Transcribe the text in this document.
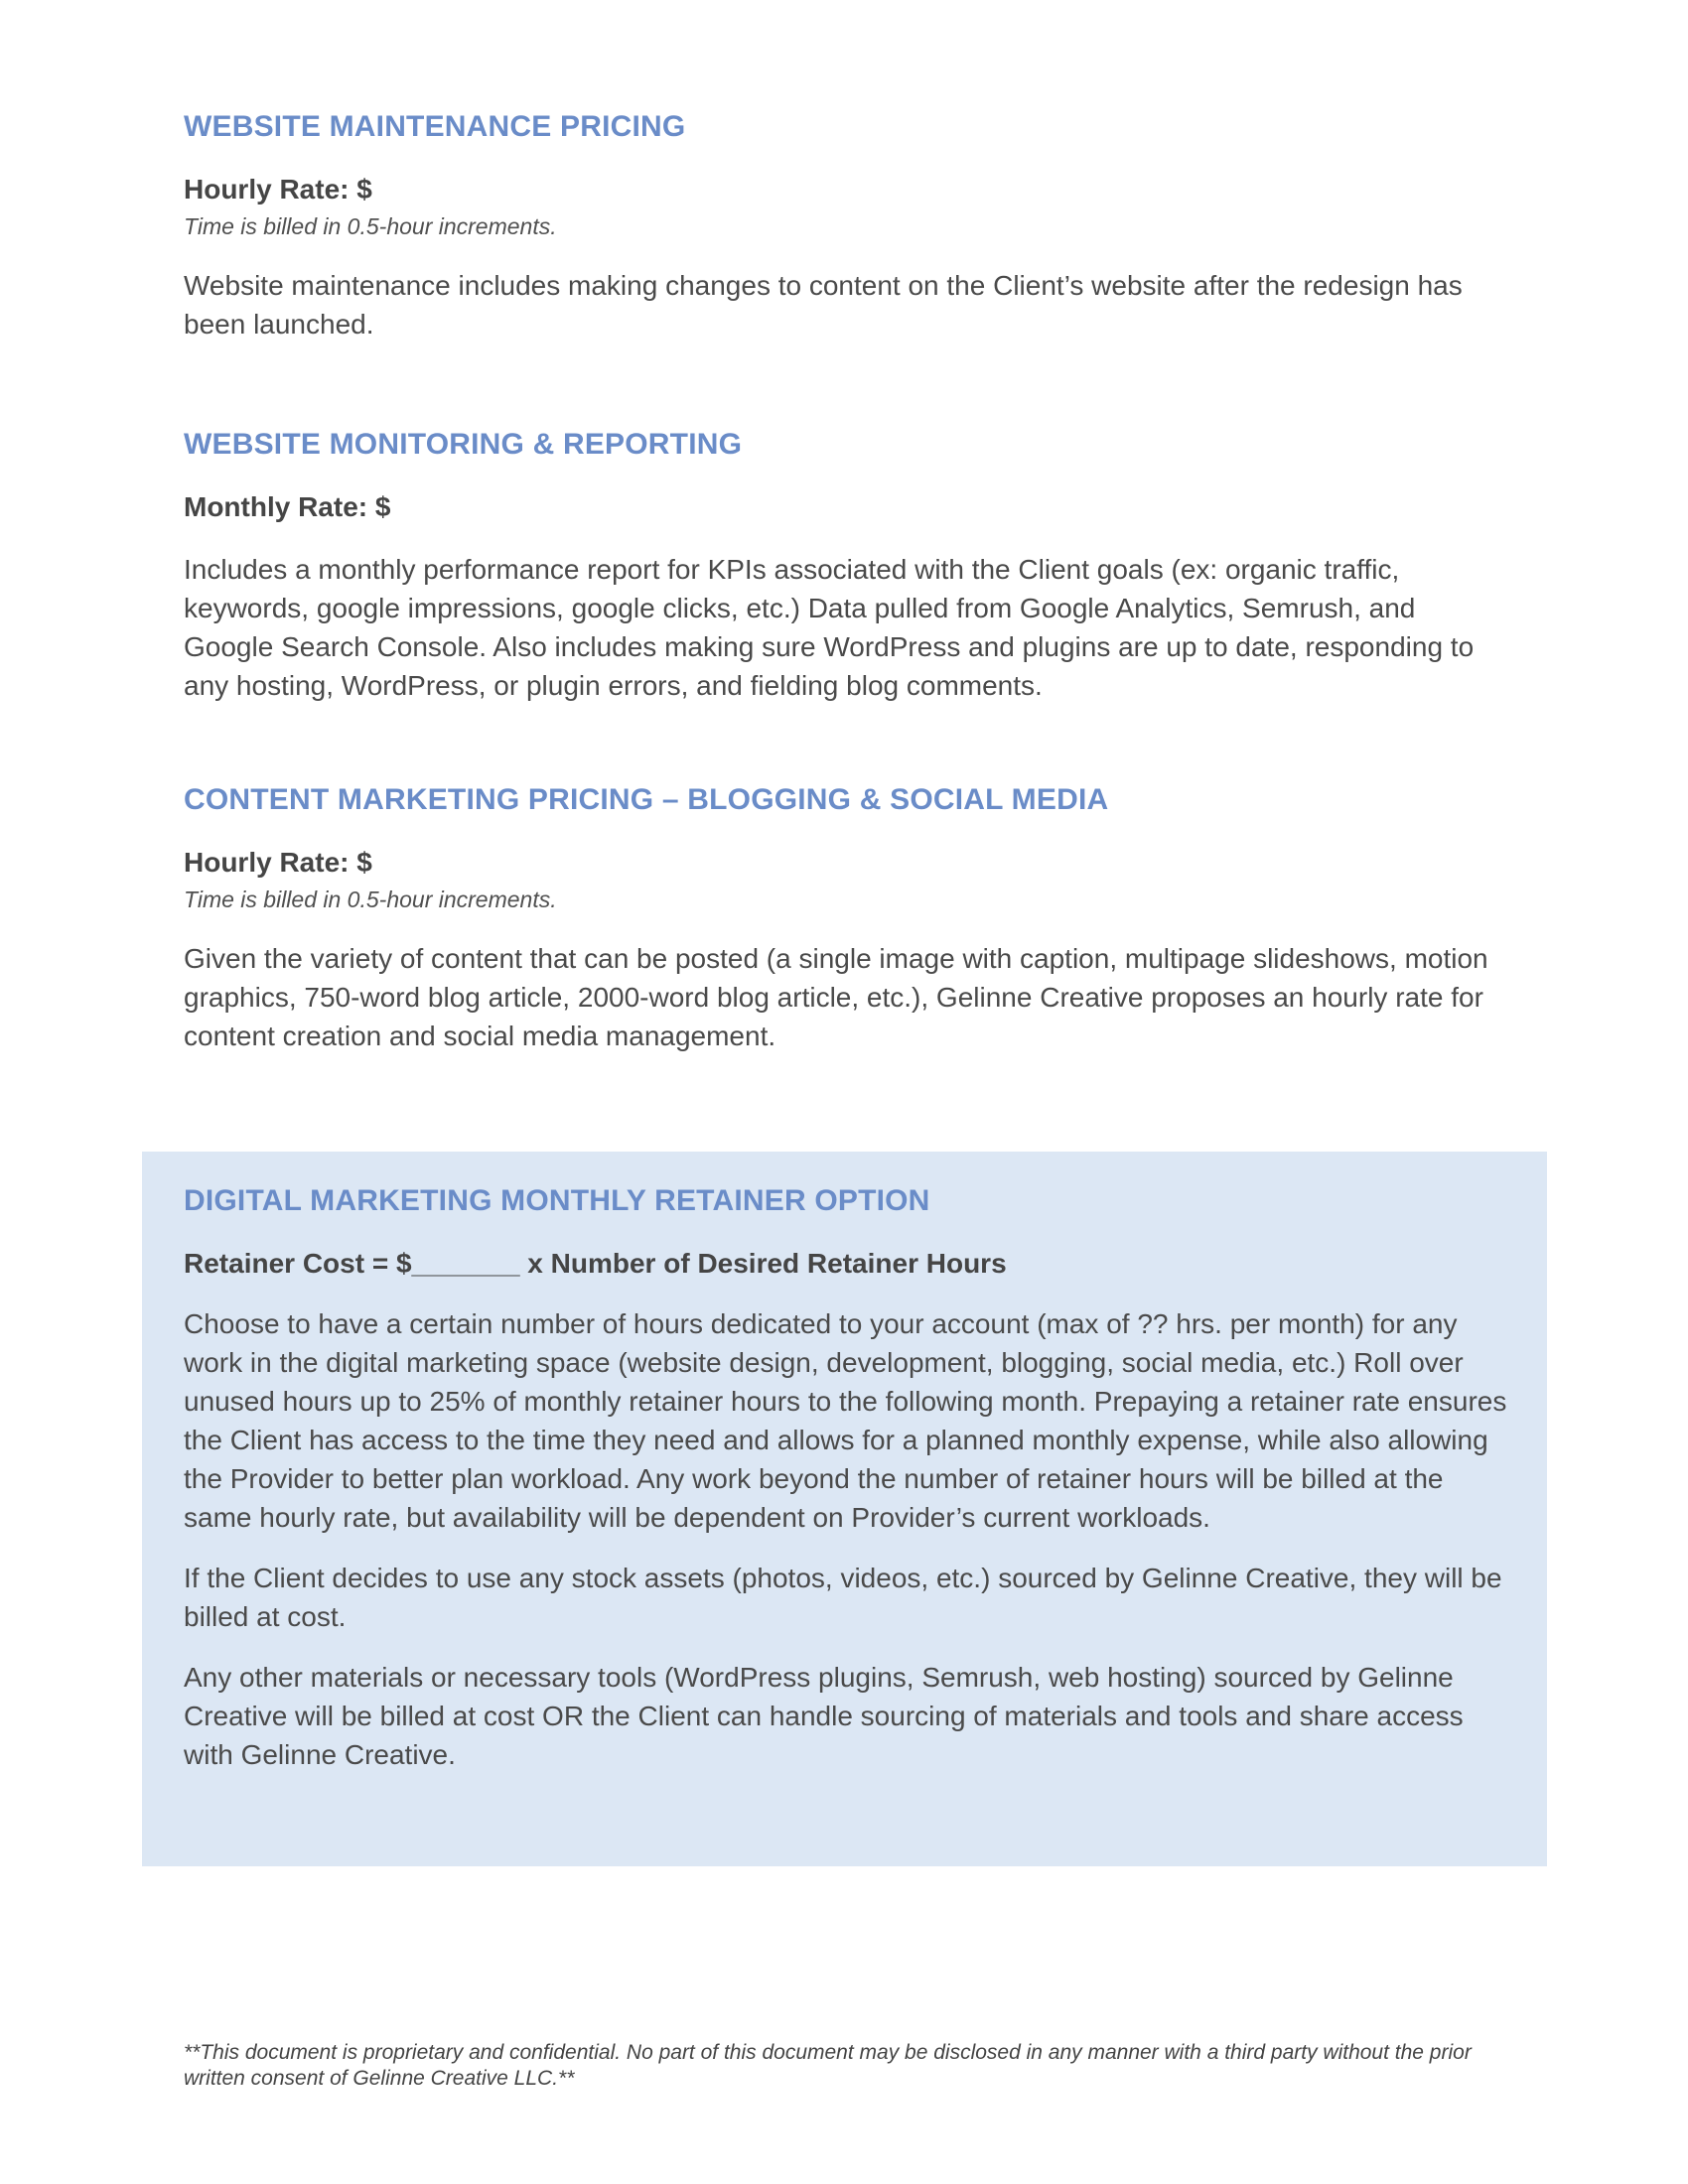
WEBSITE MAINTENANCE PRICING

Hourly Rate: $

Time is billed in 0.5-hour increments.

Website maintenance includes making changes to content on the Client’s website after the redesign has been launched.

WEBSITE MONITORING & REPORTING

Monthly Rate: $

Includes a monthly performance report for KPIs associated with the Client goals (ex: organic traffic, keywords, google impressions, google clicks, etc.) Data pulled from Google Analytics, Semrush, and Google Search Console. Also includes making sure WordPress and plugins are up to date, responding to any hosting, WordPress, or plugin errors, and fielding blog comments.

CONTENT MARKETING PRICING – BLOGGING & SOCIAL MEDIA

Hourly Rate: $

Time is billed in 0.5-hour increments.

Given the variety of content that can be posted (a single image with caption, multipage slideshows, motion graphics, 750-word blog article, 2000-word blog article, etc.), Gelinne Creative proposes an hourly rate for content creation and social media management.

DIGITAL MARKETING MONTHLY RETAINER OPTION

Retainer Cost = $_______ x Number of Desired Retainer Hours

Choose to have a certain number of hours dedicated to your account (max of ?? hrs. per month) for any work in the digital marketing space (website design, development, blogging, social media, etc.) Roll over unused hours up to 25% of monthly retainer hours to the following month. Prepaying a retainer rate ensures the Client has access to the time they need and allows for a planned monthly expense, while also allowing the Provider to better plan workload. Any work beyond the number of retainer hours will be billed at the same hourly rate, but availability will be dependent on Provider’s current workloads.

If the Client decides to use any stock assets (photos, videos, etc.) sourced by Gelinne Creative, they will be billed at cost.

Any other materials or necessary tools (WordPress plugins, Semrush, web hosting) sourced by Gelinne Creative will be billed at cost OR the Client can handle sourcing of materials and tools and share access with Gelinne Creative.

**This document is proprietary and confidential. No part of this document may be disclosed in any manner with a third party without the prior written consent of Gelinne Creative LLC.**
